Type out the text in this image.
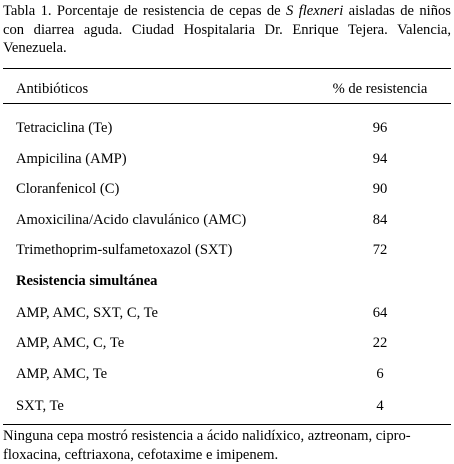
Tabla 1. Porcentaje de resistencia de cepas de S flexneri aisladas de niños con diarrea aguda. Ciudad Hospitalaria Dr. Enrique Tejera. Valencia, Venezuela.
Antibióticos	% de resistencia
Tetraciclina (Te)	96
Ampicilina (AMP)	94
Cloranfenicol (C)	90
Amoxicilina/Acido clavulánico (AMC)	84
Trimethoprim-sulfametoxazol (SXT)	72
Resistencia simultánea
AMP, AMC, SXT, C, Te	64
AMP, AMC, C, Te	22
AMP, AMC, Te	6
SXT, Te	4
Ninguna cepa mostró resistencia a ácido nalidíxico, aztreonam, cipro-
floxacina, ceftriaxona, cefotaxime e imipenem.
